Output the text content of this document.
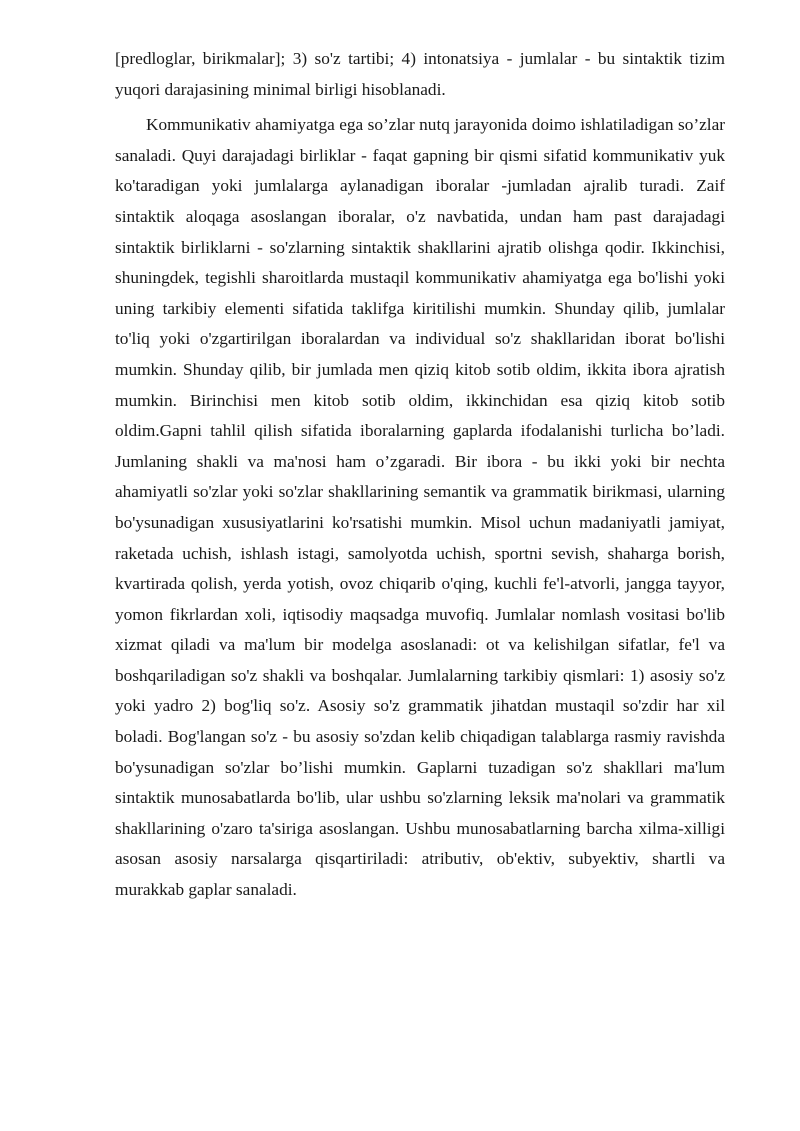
[predloglar, birikmalar]; 3) so'z tartibi; 4) intonatsiya - jumlalar - bu sintaktik tizim yuqori darajasining minimal birligi hisoblanadi.

Kommunikativ ahamiyatga ega so’zlar nutq jarayonida doimo ishlatiladigan so’zlar sanaladi. Quyi darajadagi birliklar - faqat gapning bir qismi sifatid kommunikativ yuk ko'taradigan yoki jumlalarga aylanadigan iboralar -jumladan ajralib turadi. Zaif sintaktik aloqaga asoslangan iboralar, o'z navbatida, undan ham past darajadagi sintaktik birliklarni - so'zlarning sintaktik shakllarini ajratib olishga qodir. Ikkinchisi, shuningdek, tegishli sharoitlarda mustaqil kommunikativ ahamiyatga ega bo'lishi yoki uning tarkibiy elementi sifatida taklifga kiritilishi mumkin. Shunday qilib, jumlalar to'liq yoki o'zgartirilgan iboralardan va individual so'z shakllaridan iborat bo'lishi mumkin. Shunday qilib, bir jumlada men qiziq kitob sotib oldim, ikkita ibora ajratish mumkin. Birinchisi men kitob sotib oldim, ikkinchidan esa qiziq kitob sotib oldim.Gapni tahlil qilish sifatida iboralarning gaplarda ifodalanishi turlicha bo’ladi. Jumlaning shakli va ma'nosi ham o’zgaradi. Bir ibora - bu ikki yoki bir nechta ahamiyatli so'zlar yoki so'zlar shakllarining semantik va grammatik birikmasi, ularning bo'ysunadigan xususiyatlarini ko'rsatishi mumkin. Misol uchun madaniyatli jamiyat, raketada uchish, ishlash istagi, samolyotda uchish, sportni sevish, shaharga borish, kvartirada qolish, yerda yotish, ovoz chiqarib o'qing, kuchli fe'l-atvorli, jangga tayyor, yomon fikrlardan xoli, iqtisodiy maqsadga muvofiq. Jumlalar nomlash vositasi bo'lib xizmat qiladi va ma'lum bir modelga asoslanadi: ot va kelishilgan sifatlar, fe'l va boshqariladigan so'z shakli va boshqalar. Jumlalarning tarkibiy qismlari: 1) asosiy so'z yoki yadro 2) bog'liq so'z. Asosiy so'z grammatik jihatdan mustaqil so'zdir har xil boladi. Bog'langan so'z - bu asosiy so'zdan kelib chiqadigan talablarga rasmiy ravishda bo'ysunadigan so'zlar bo’lishi mumkin. Gaplarni tuzadigan so'z shakllari ma'lum sintaktik munosabatlarda bo'lib, ular ushbu so'zlarning leksik ma'nolari va grammatik shakllarining o'zaro ta'siriga asoslangan. Ushbu munosabatlarning barcha xilma-xilligi asosan asosiy narsalarga qisqartiriladi: atributiv, ob'ektiv, subyektiv, shartli va murakkab gaplar sanaladi.
